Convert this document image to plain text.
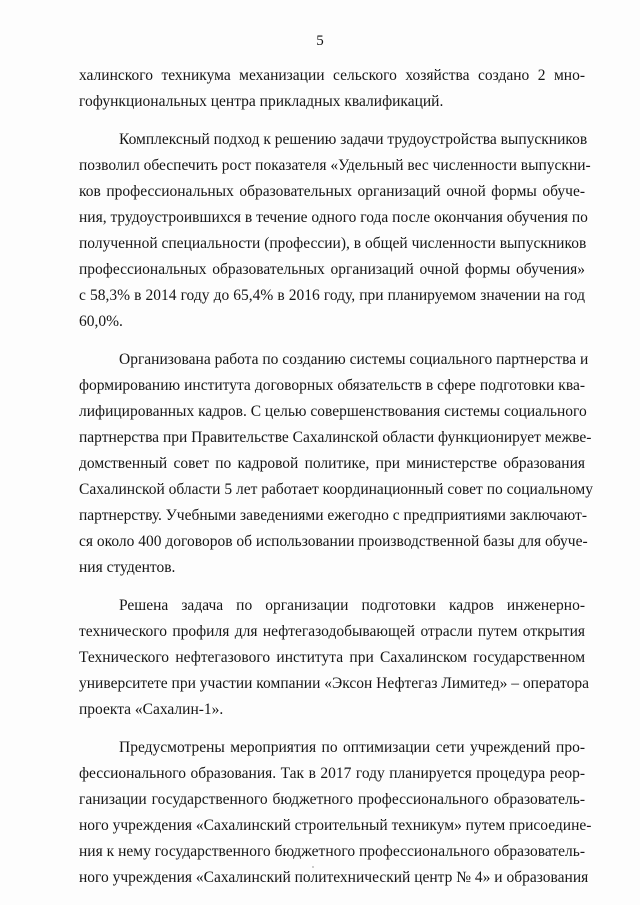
5
халинского техникума механизации сельского хозяйства создано 2 мно-
гофункциональных центра прикладных квалификаций.
Комплексный подход к решению задачи трудоустройства выпускников
позволил обеспечить рост показателя «Удельный вес численности выпускни-
ков профессиональных образовательных организаций очной формы обуче-
ния, трудоустроившихся в течение одного года после окончания обучения по
полученной специальности (профессии), в общей численности выпускников
профессиональных образовательных организаций очной формы обучения»
с 58,3% в 2014 году до 65,4% в 2016 году, при планируемом значении на год
60,0%.
Организована работа по созданию системы социального партнерства и
формированию института договорных обязательств в сфере подготовки ква-
лифицированных кадров. С целью совершенствования системы социального
партнерства при Правительстве Сахалинской области функционирует межве-
домственный совет по кадровой политике, при министерстве образования
Сахалинской области 5 лет работает координационный совет по социальному
партнерству. Учебными заведениями ежегодно с предприятиями заключают-
ся около 400 договоров об использовании производственной базы для обуче-
ния студентов.
Решена задача по организации подготовки кадров инженерно-
технического профиля для нефтегазодобывающей отрасли путем открытия
Технического нефтегазового института при Сахалинском государственном
университете при участии компании «Эксон Нефтегаз Лимитед» – оператора
проекта «Сахалин-1».
Предусмотрены мероприятия по оптимизации сети учреждений про-
фессионального образования. Так в 2017 году планируется процедура реор-
ганизации государственного бюджетного профессионального образователь-
ного учреждения «Сахалинский строительный техникум» путем присоедине-
ния к нему государственного бюджетного профессионального образователь-
ного учреждения «Сахалинский политехнический центр № 4» и образования
